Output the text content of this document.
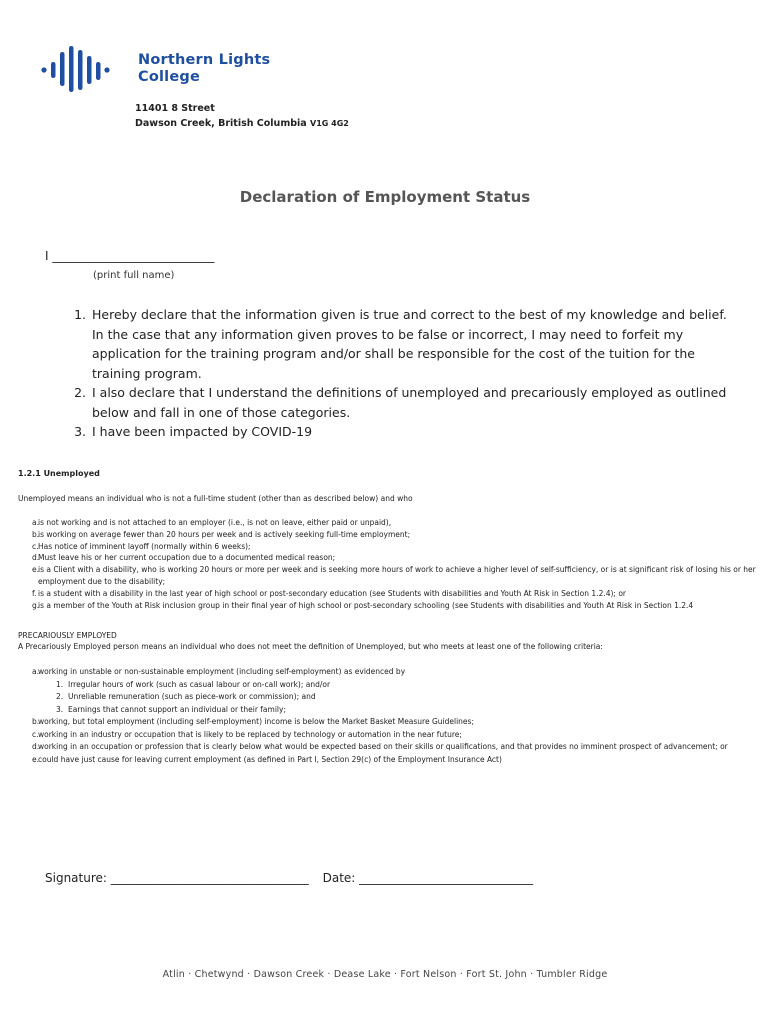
Northern Lights
College
11401 8 Street
Dawson Creek, British Columbia V1G 4G2
Declaration of Employment Status
I ___________________________
(print full name)
1. Hereby declare that the information given is true and correct to the best of my knowledge and belief. In the case that any information given proves to be false or incorrect, I may need to forfeit my application for the training program and/or shall be responsible for the cost of the tuition for the training program.
2. I also declare that I understand the definitions of unemployed and precariously employed as outlined below and fall in one of those categories.
3. I have been impacted by COVID-19
1.2.1 Unemployed
Unemployed means an individual who is not a full-time student (other than as described below) and who
a. is not working and is not attached to an employer (i.e., is not on leave, either paid or unpaid),
b.
is working on average fewer than 20 hours per week and is actively seeking full-time employment;
c. Has notice of imminent layoff (normally within 6 weeks);
d.
Must leave his or her current occupation due to a documented medical reason;
e. is a Client with a disability, who is working 20 hours or more per week and is seeking more hours of work to achieve a higher level of self-sufficiency, or is at significant risk of losing his or her employment due to the disability;
f. is a student with a disability in the last year of high school or post-secondary education (see Students with disabilities and Youth At Risk in Section 1.2.4); or
g.
is a member of the Youth at Risk inclusion group in their final year of high school or post-secondary schooling (see Students with disabilities and Youth At Risk in Section 1.2.4
PRECARIOUSLY EMPLOYED
A Precariously Employed person means an individual who does not meet the definition of Unemployed, but who meets at least one of the following criteria:
a. working in unstable or non-sustainable employment (including self-employment) as evidenced by
1. Irregular hours of work (such as casual labour or on-call work); and/or
2. Unreliable remuneration (such as piece-work or commission); and
3. Earnings that cannot support an individual or their family;
b.
working, but total employment (including self-employment) income is below the Market Basket Measure Guidelines;
c. working in an industry or occupation that is likely to be replaced by technology or automation in the near future;
d.
working in an occupation or profession that is clearly below what would be expected based on their skills or qualifications, and that provides no imminent prospect of advancement; or
e. could have just cause for leaving current employment (as defined in Part I, Section 29(c) of the Employment Insurance Act)
Signature: _________________________________ Date: _____________________________
Atlin · Chetwynd · Dawson Creek · Dease Lake · Fort Nelson · Fort St. John · Tumbler Ridge
